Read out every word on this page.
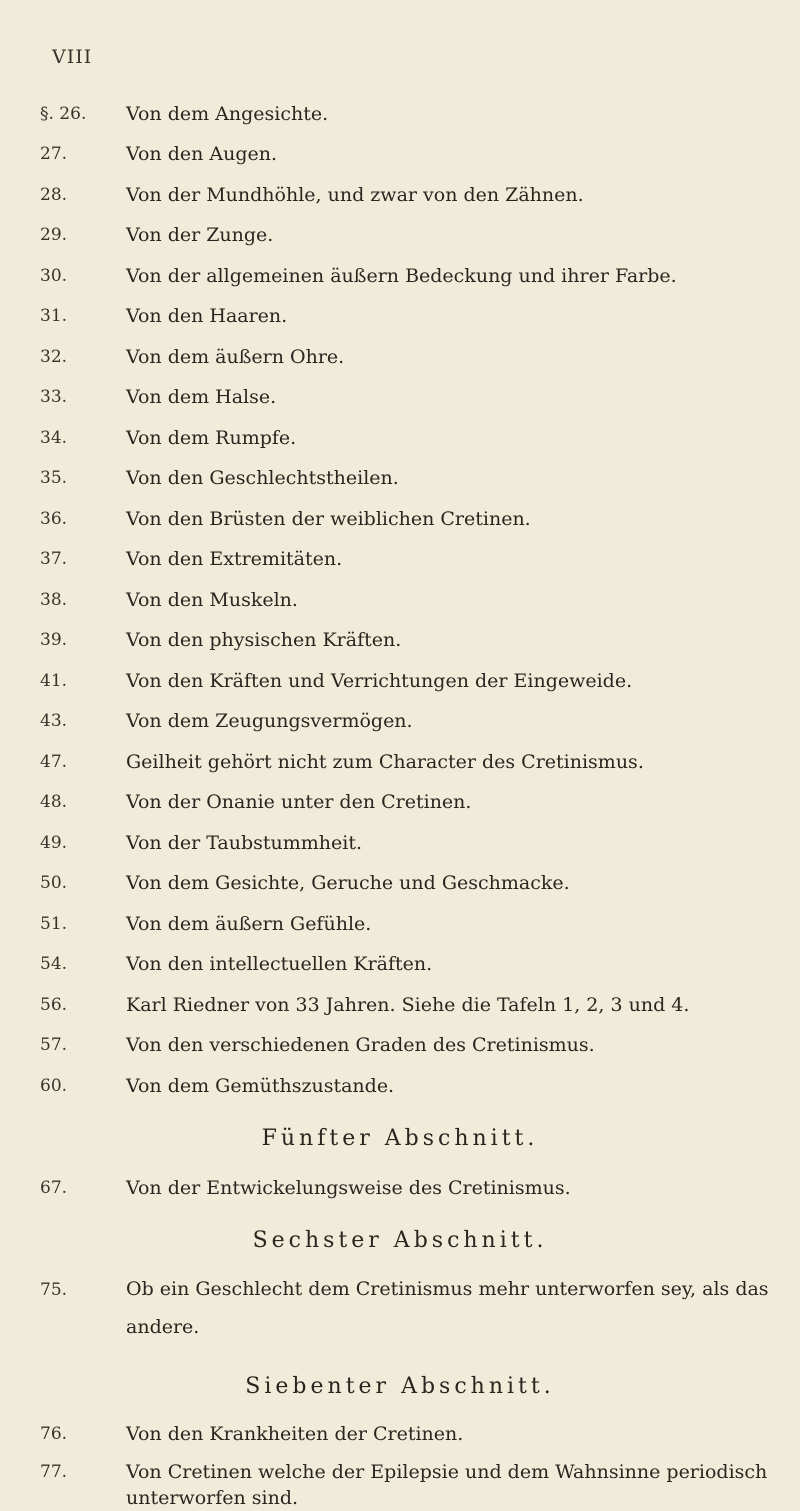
VIII
§. 26.	Von dem Angesichte.
27.	Von den Augen.
28.	Von der Mundhöhle, und zwar von den Zähnen.
29.	Von der Zunge.
30.	Von der allgemeinen äußern Bedeckung und ihrer Farbe.
31.	Von den Haaren.
32.	Von dem äußern Ohre.
33.	Von dem Halse.
34.	Von dem Rumpfe.
35.	Von den Geschlechtstheilen.
36.	Von den Brüsten der weiblichen Cretinen.
37.	Von den Extremitäten.
38.	Von den Muskeln.
39.	Von den physischen Kräften.
41.	Von den Kräften und Verrichtungen der Eingeweide.
43.	Von dem Zeugungsvermögen.
47.	Geilheit gehört nicht zum Character des Cretinismus.
48.	Von der Onanie unter den Cretinen.
49.	Von der Taubstummheit.
50.	Von dem Gesichte, Geruche und Geschmacke.
51.	Von dem äußern Gefühle.
54.	Von den intellectuellen Kräften.
56.	Karl Riedner von 33 Jahren. Siehe die Tafeln 1, 2, 3 und 4.
57.	Von den verschiedenen Graden des Cretinismus.
60.	Von dem Gemüthszustande.
Fünfter Abschnitt.
67.	Von der Entwickelungsweise des Cretinismus.
Sechster Abschnitt.
75.	Ob ein Geschlecht dem Cretinismus mehr unterworfen sey, als das andere.
Siebenter Abschnitt.
76.	Von den Krankheiten der Cretinen.
77.	Von Cretinen welche der Epilepsie und dem Wahnsinne periodisch unterworfen sind.
